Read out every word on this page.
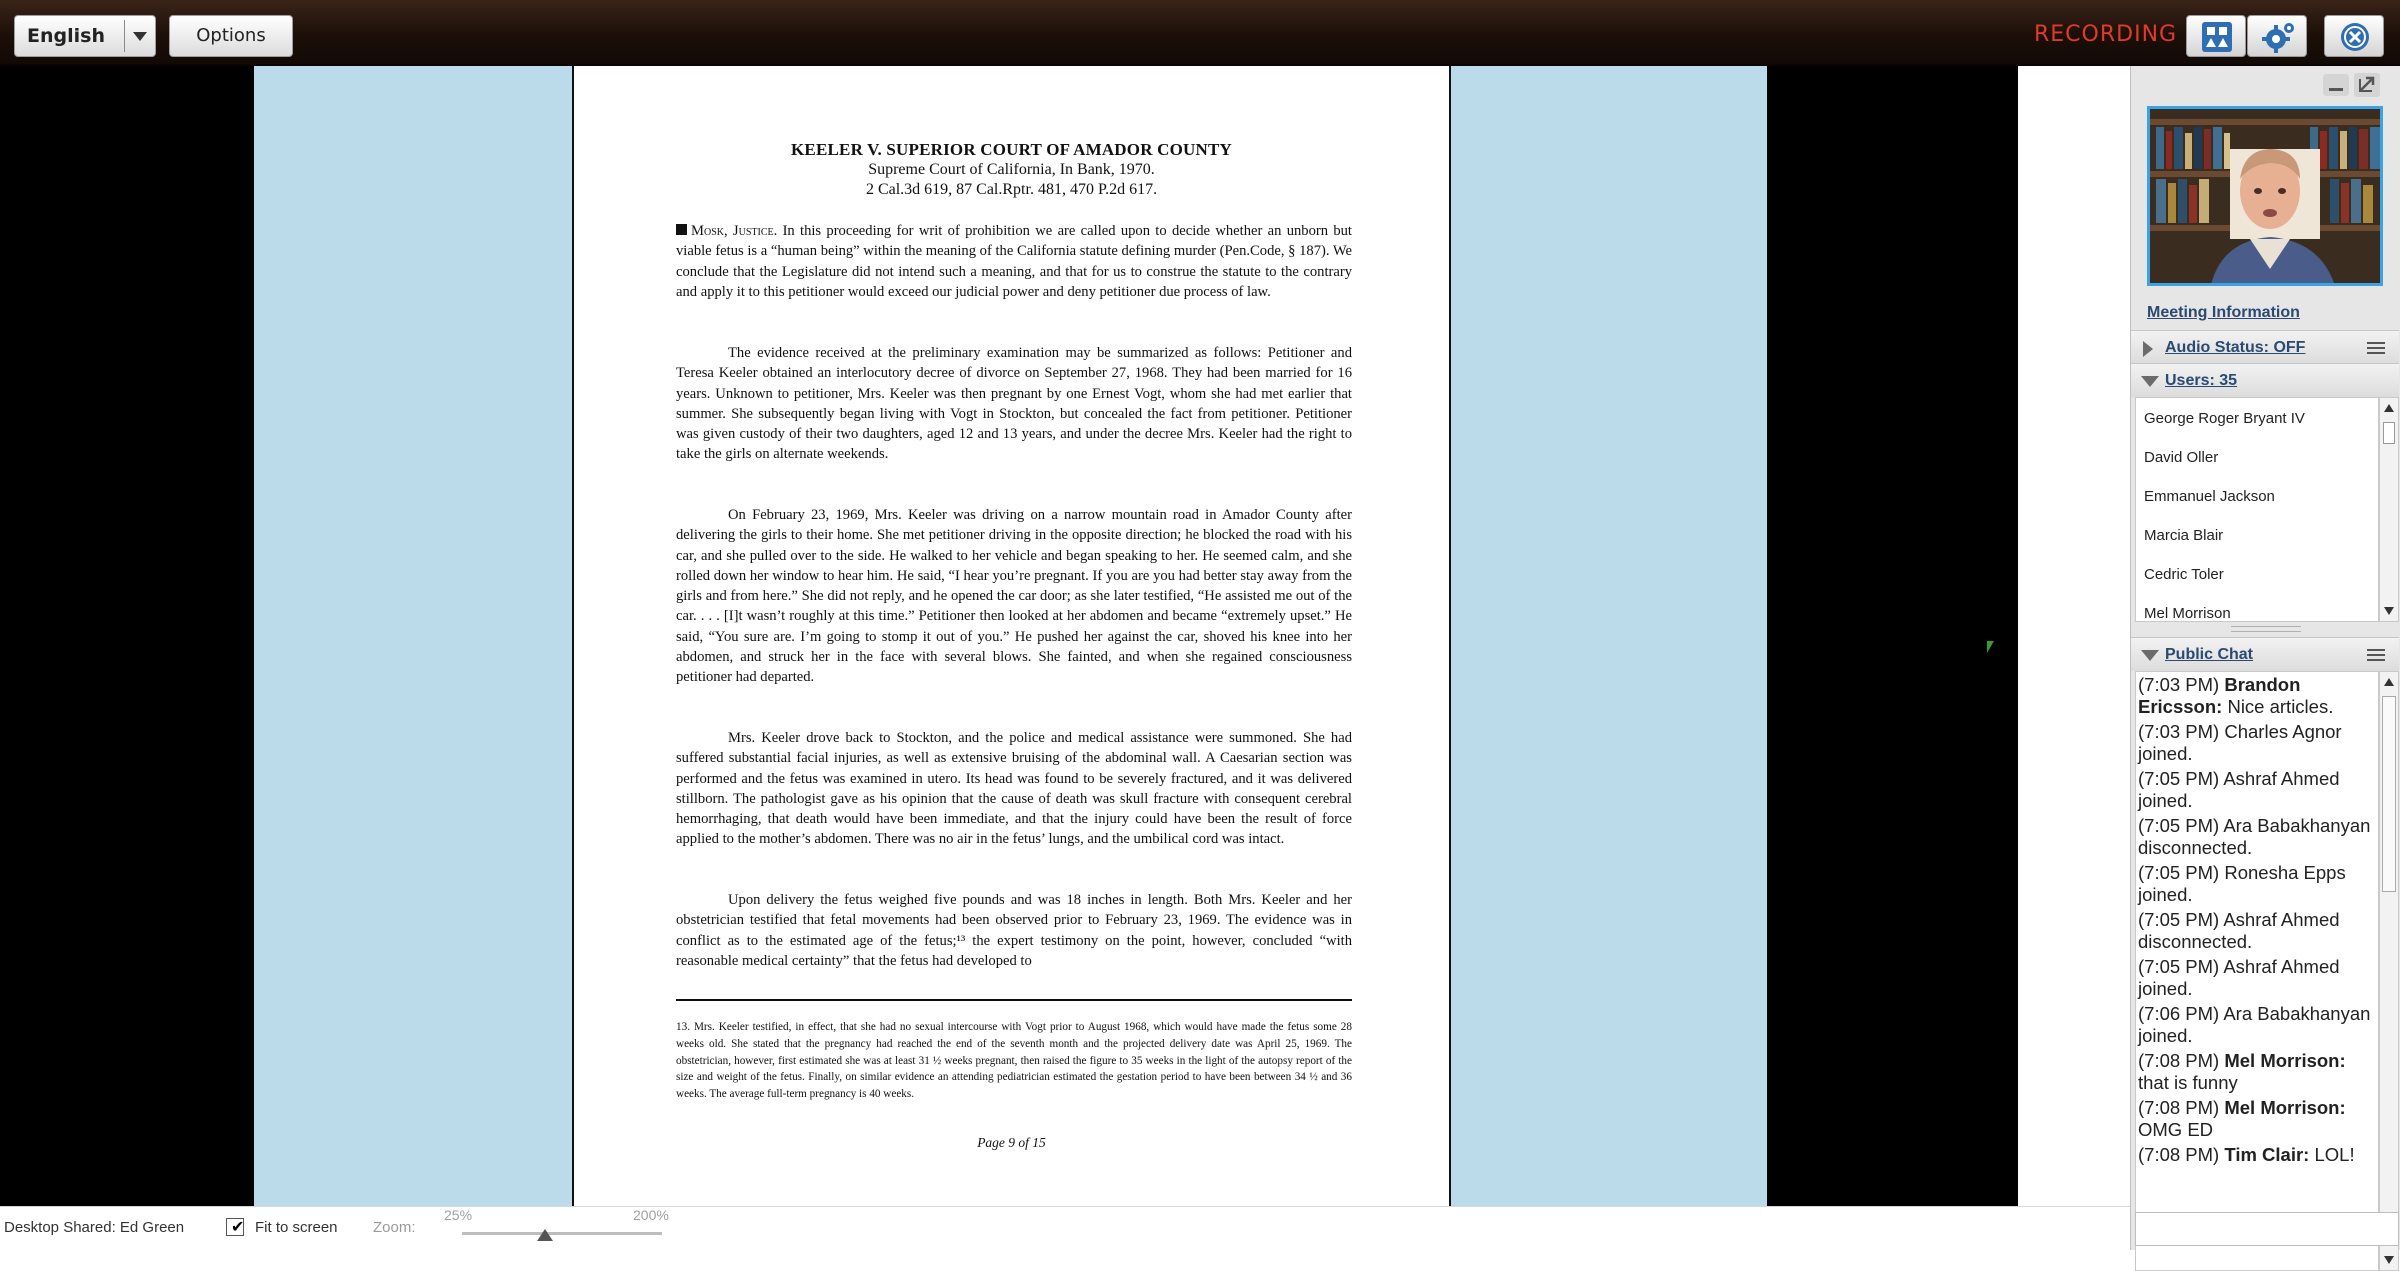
English	Options	RECORDING
KEELER V. SUPERIOR COURT OF AMADOR COUNTY
Supreme Court of California, In Bank, 1970.
2 Cal.3d 619, 87 Cal.Rptr. 481, 470 P.2d 617.
Mosk, Justice. In this proceeding for writ of prohibition we are called upon to decide whether an unborn but viable fetus is a “human being” within the meaning of the California statute defining murder (Pen.Code, § 187). We conclude that the Legislature did not intend such a meaning, and that for us to construe the statute to the contrary and apply it to this petitioner would exceed our judicial power and deny petitioner due process of law.
The evidence received at the preliminary examination may be summarized as follows: Petitioner and Teresa Keeler obtained an interlocutory decree of divorce on September 27, 1968. They had been married for 16 years. Unknown to petitioner, Mrs. Keeler was then pregnant by one Ernest Vogt, whom she had met earlier that summer. She subsequently began living with Vogt in Stockton, but concealed the fact from petitioner. Petitioner was given custody of their two daughters, aged 12 and 13 years, and under the decree Mrs. Keeler had the right to take the girls on alternate weekends.
On February 23, 1969, Mrs. Keeler was driving on a narrow mountain road in Amador County after delivering the girls to their home. She met petitioner driving in the opposite direction; he blocked the road with his car, and she pulled over to the side. He walked to her vehicle and began speaking to her. He seemed calm, and she rolled down her window to hear him. He said, “I hear you’re pregnant. If you are you had better stay away from the girls and from here.” She did not reply, and he opened the car door; as she later testified, “He assisted me out of the car. . . . [I]t wasn’t roughly at this time.” Petitioner then looked at her abdomen and became “extremely upset.” He said, “You sure are. I’m going to stomp it out of you.” He pushed her against the car, shoved his knee into her abdomen, and struck her in the face with several blows. She fainted, and when she regained consciousness petitioner had departed.
Mrs. Keeler drove back to Stockton, and the police and medical assistance were summoned. She had suffered substantial facial injuries, as well as extensive bruising of the abdominal wall. A Caesarian section was performed and the fetus was examined in utero. Its head was found to be severely fractured, and it was delivered stillborn. The pathologist gave as his opinion that the cause of death was skull fracture with consequent cerebral hemorrhaging, that death would have been immediate, and that the injury could have been the result of force applied to the mother’s abdomen. There was no air in the fetus’ lungs, and the umbilical cord was intact.
Upon delivery the fetus weighed five pounds and was 18 inches in length. Both Mrs. Keeler and her obstetrician testified that fetal movements had been observed prior to February 23, 1969. The evidence was in conflict as to the estimated age of the fetus;¹³ the expert testimony on the point, however, concluded “with reasonable medical certainty” that the fetus had developed to
13. Mrs. Keeler testified, in effect, that she had no sexual intercourse with Vogt prior to August 1968, which would have made the fetus some 28 weeks old. She stated that the pregnancy had reached the end of the seventh month and the projected delivery date was April 25, 1969. The obstetrician, however, first estimated she was at least 31 ½ weeks pregnant, then raised the figure to 35 weeks in the light of the autopsy report of the size and weight of the fetus. Finally, on similar evidence an attending pediatrician estimated the gestation period to have been between 34 ½ and 36 weeks. The average full-term pregnancy is 40 weeks.
Page 9 of 15
Desktop Shared: Ed Green	✔ Fit to screen Zoom:
25%	200%
Meeting Information
Audio Status: OFF
Users: 35
George Roger Bryant IV
David Oller
Emmanuel Jackson
Marcia Blair
Cedric Toler
Mel Morrison
Public Chat
(7:03 PM) Brandon Ericsson: Nice articles.
(7:03 PM) Charles Agnor joined.
(7:05 PM) Ashraf Ahmed joined.
(7:05 PM) Ara Babakhanyan disconnected.
(7:05 PM) Ronesha Epps joined.
(7:05 PM) Ashraf Ahmed disconnected.
(7:05 PM) Ashraf Ahmed joined.
(7:06 PM) Ara Babakhanyan joined.
(7:08 PM) Mel Morrison: that is funny
(7:08 PM) Mel Morrison: OMG ED
(7:08 PM) Tim Clair: LOL!
